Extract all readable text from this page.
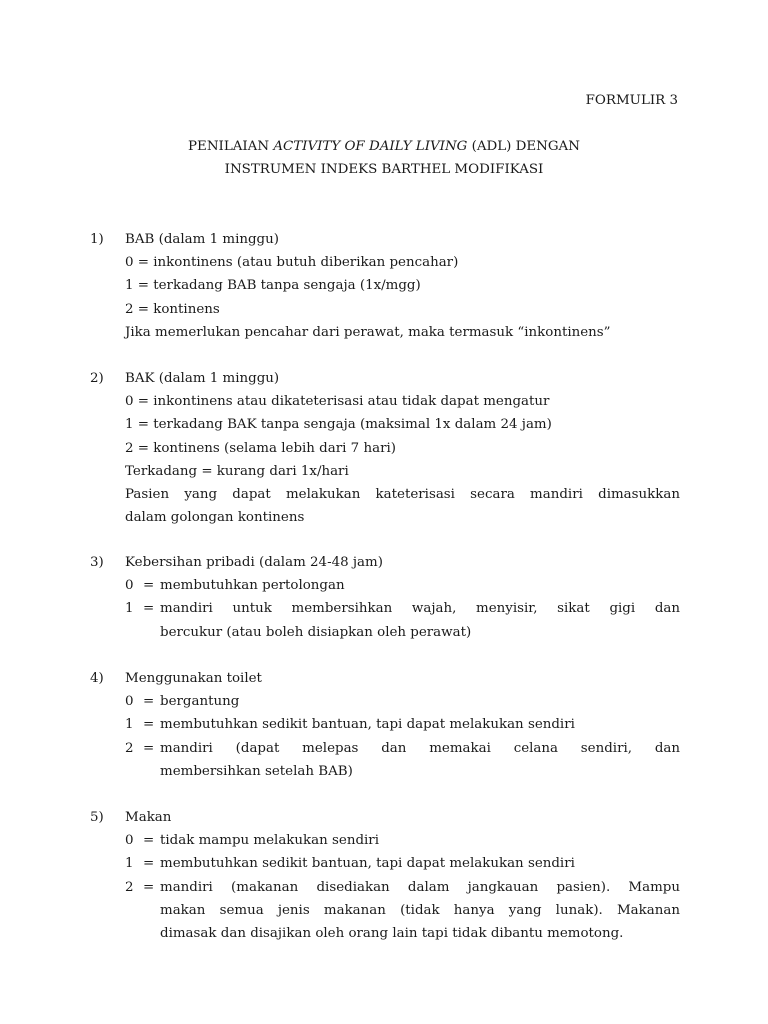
FORMULIR 3
PENILAIAN ACTIVITY OF DAILY LIVING (ADL) DENGAN
INSTRUMEN INDEKS BARTHEL MODIFIKASI
1) BAB (dalam 1 minggu)
0 = inkontinens (atau butuh diberikan pencahar)
1 = terkadang BAB tanpa sengaja (1x/mgg)
2 = kontinens
Jika memerlukan pencahar dari perawat, maka termasuk “inkontinens”
2) BAK (dalam 1 minggu)
0 = inkontinens atau dikateterisasi atau tidak dapat mengatur
1 = terkadang BAK tanpa sengaja (maksimal 1x dalam 24 jam)
2 = kontinens (selama lebih dari 7 hari)
Terkadang = kurang dari 1x/hari
Pasien yang dapat melakukan kateterisasi secara mandiri dimasukkan
dalam golongan kontinens
3) Kebersihan pribadi (dalam 24-48 jam)
0 = membutuhkan pertolongan
1 = mandiri untuk membersihkan wajah, menyisir, sikat gigi dan
bercukur (atau boleh disiapkan oleh perawat)
4) Menggunakan toilet
0 = bergantung
1 = membutuhkan sedikit bantuan, tapi dapat melakukan sendiri
2 = mandiri (dapat melepas dan memakai celana sendiri, dan
membersihkan setelah BAB)
5) Makan
0 = tidak mampu melakukan sendiri
1 = membutuhkan sedikit bantuan, tapi dapat melakukan sendiri
2 = mandiri (makanan disediakan dalam jangkauan pasien). Mampu
makan semua jenis makanan (tidak hanya yang lunak). Makanan
dimasak dan disajikan oleh orang lain tapi tidak dibantu memotong.
